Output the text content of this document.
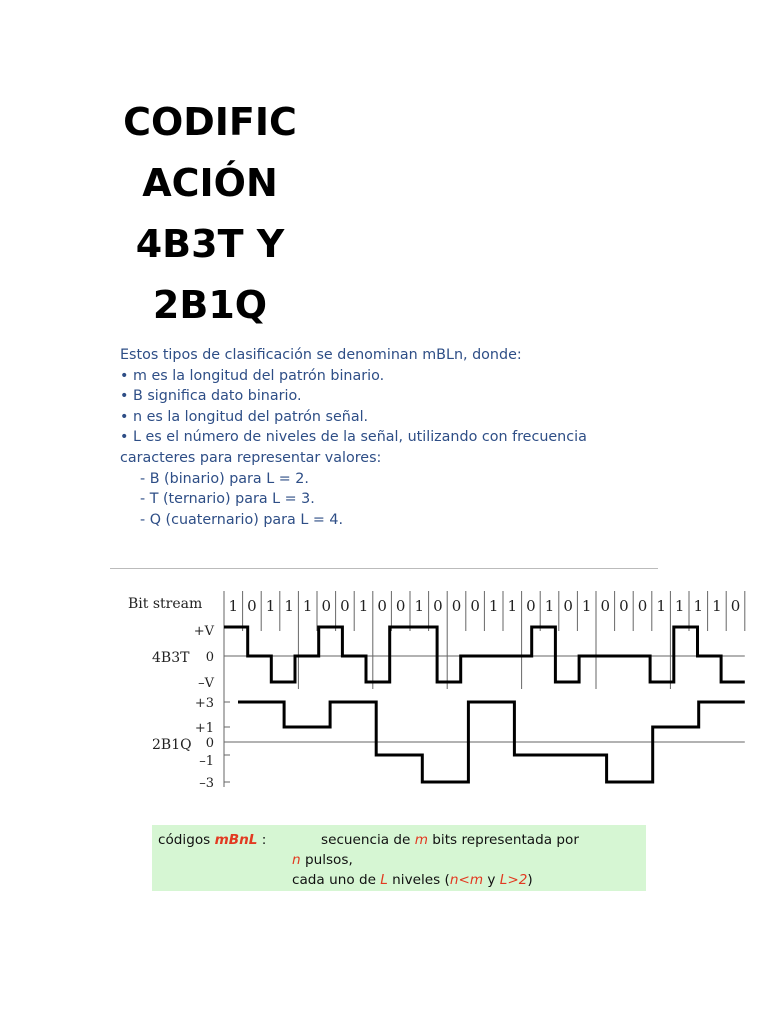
CODIFIC
ACIÓN
4B3T Y
2B1Q
Estos tipos de clasificación se denominan mBLn, donde:
• m es la longitud del patrón binario.
• B significa dato binario.
• n es la longitud del patrón señal.
• L es el número de niveles de la señal, utilizando con frecuencia
caracteres para representar valores:
- B (binario) para L = 2.
- T (ternario) para L = 3.
- Q (cuaternario) para L = 4.
Bit stream
4B3T
2B1Q
1 0 1 1 1 0 0 1 0 0 1 0 0 0 1 1 0 1 0 1 0 0 0 1 1 1 1 0
+V
0
–V
+3
+1
0
–1
–3
códigos mBnL :	secuencia de m bits representada por
n pulsos,
cada uno de L niveles (n<m y L>2)
